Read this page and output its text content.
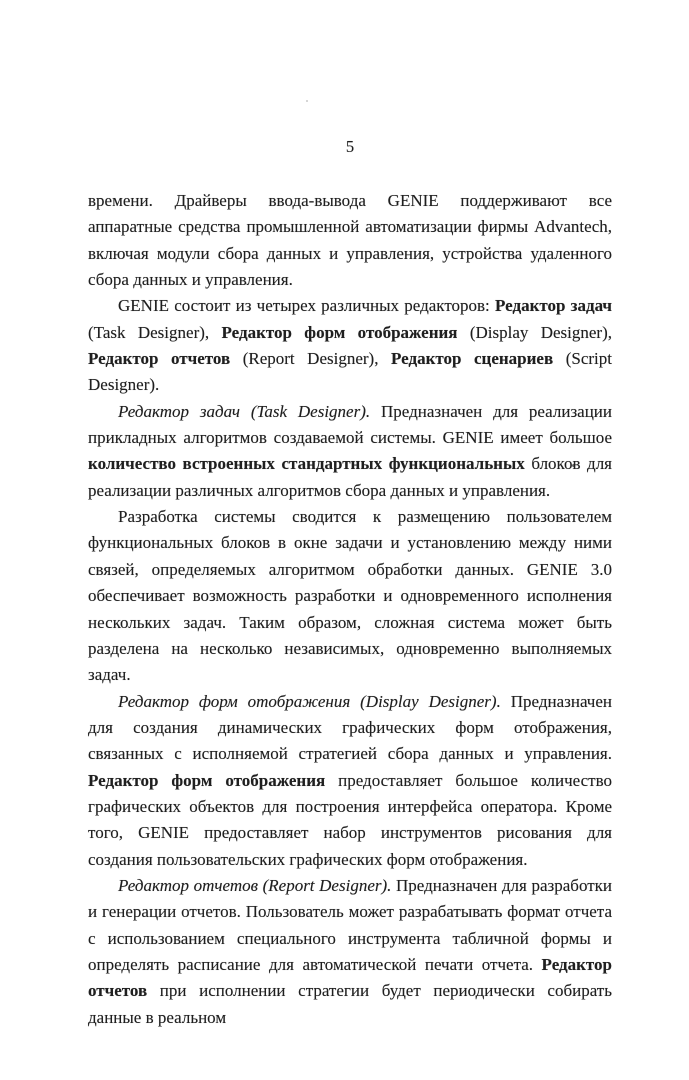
5

времени. Драйверы ввода-вывода GENIE поддерживают все аппаратные средства промышленной автоматизации фирмы Advantech, включая модули сбора данных и управления, устройства удаленного сбора данных и управления.

GENIE состоит из четырех различных редакторов: Редактор задач (Task Designer), Редактор форм отображения (Display Designer), Редактор отчетов (Report Designer), Редактор сценариев (Script Designer).

Редактор задач (Task Designer). Предназначен для реализации прикладных алгоритмов создаваемой системы. GENIE имеет большое количество встроенных стандартных функциональных блоков для реализации различных алгоритмов сбора данных и управления.

Разработка системы сводится к размещению пользователем функциональных блоков в окне задачи и установлению между ними связей, определяемых алгоритмом обработки данных. GENIE 3.0 обеспечивает возможность разработки и одновременного исполнения нескольких задач. Таким образом, сложная система может быть разделена на несколько независимых, одновременно выполняемых задач.

Редактор форм отображения (Display Designer). Предназначен для создания динамических графических форм отображения, связанных с исполняемой стратегией сбора данных и управления. Редактор форм отображения предоставляет большое количество графических объектов для построения интерфейса оператора. Кроме того, GENIE предоставляет набор инструментов рисования для создания пользовательских графических форм отображения.

Редактор отчетов (Report Designer). Предназначен для разработки и генерации отчетов. Пользователь может разрабатывать формат отчета с использованием специального инструмента табличной формы и определять расписание для автоматической печати отчета. Редактор отчетов при исполнении стратегии будет периодически собирать данные в реальном
